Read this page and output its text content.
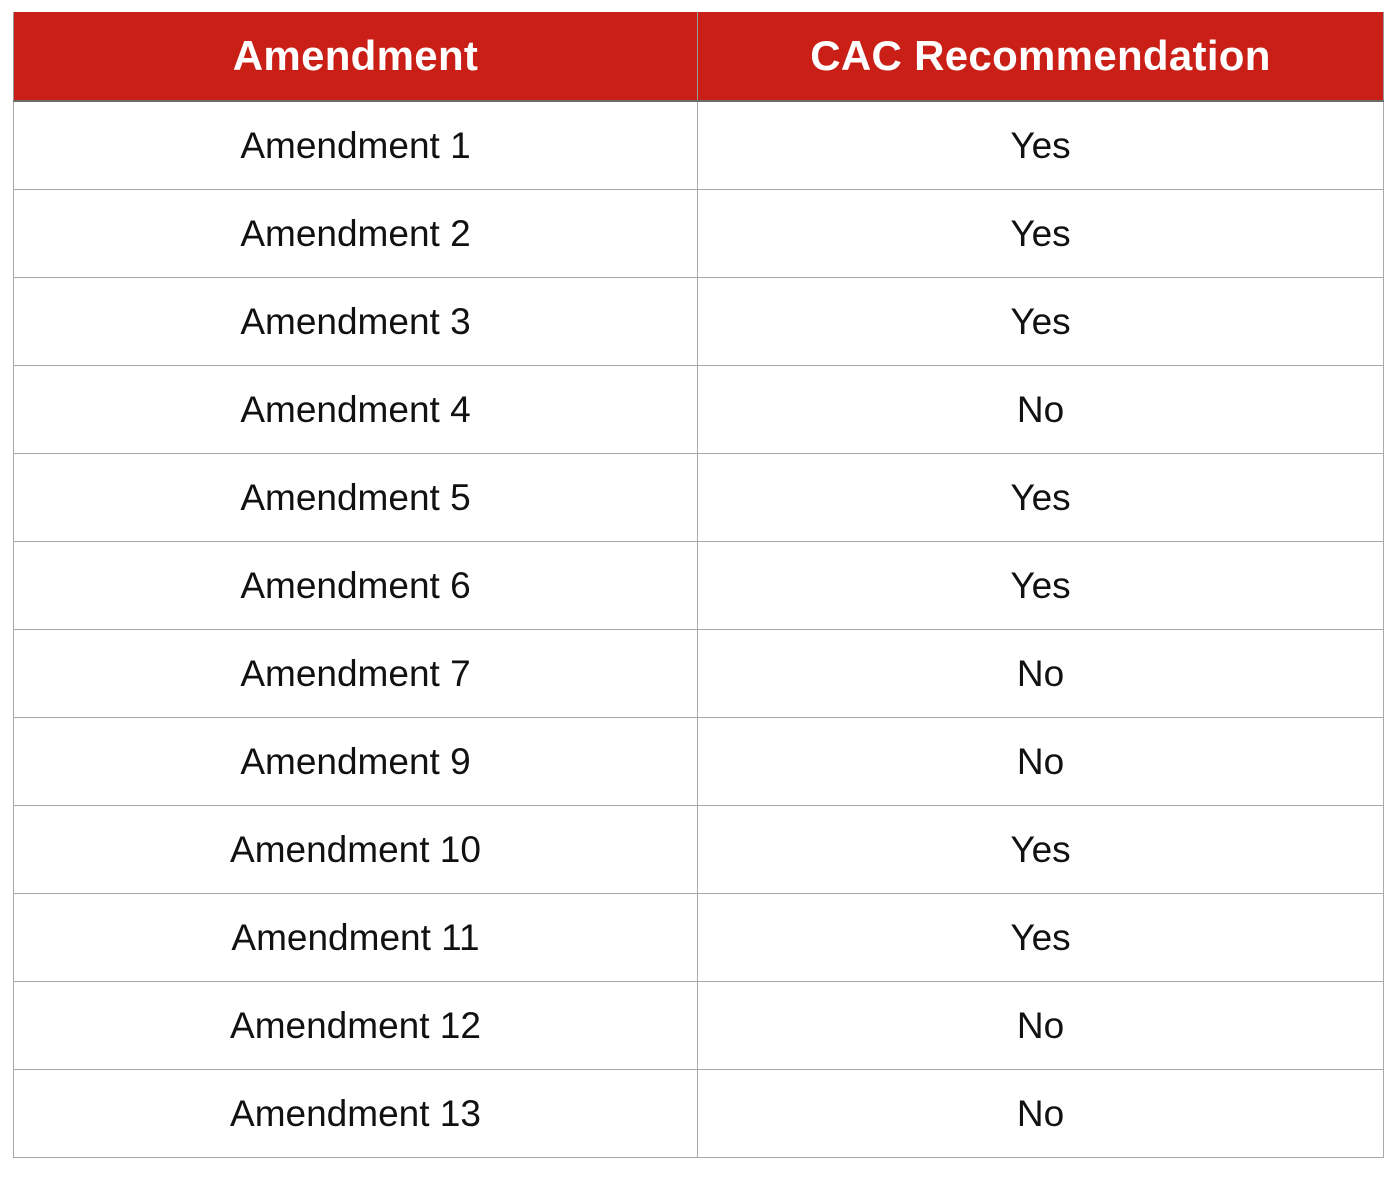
Amendment	CAC Recommendation
Amendment 1	Yes
Amendment 2	Yes
Amendment 3	Yes
Amendment 4	No
Amendment 5	Yes
Amendment 6	Yes
Amendment 7	No
Amendment 9	No
Amendment 10	Yes
Amendment 11	Yes
Amendment 12	No
Amendment 13	No
